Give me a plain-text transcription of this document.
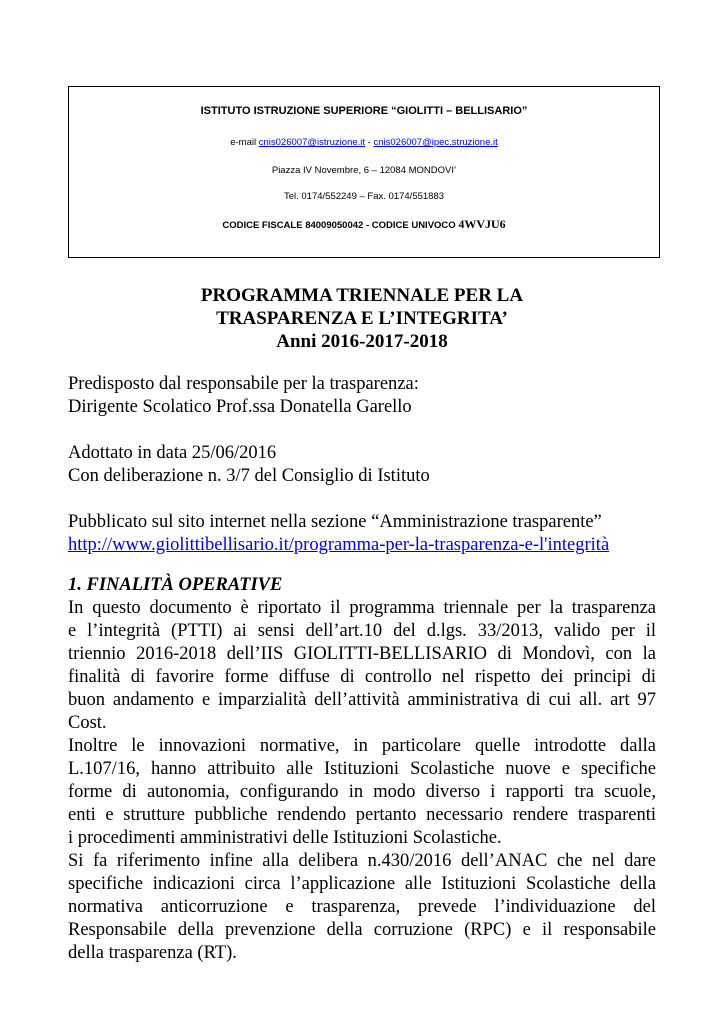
ISTITUTO ISTRUZIONE SUPERIORE “GIOLITTI – BELLISARIO”

e-mail cnis026007@istruzione.it - cnis026007@ipec.struzione.it

Piazza IV Novembre, 6 – 12084 MONDOVI’

Tel. 0174/552249 – Fax. 0174/551883

CODICE FISCALE 84009050042 - CODICE UNIVOCO 4WVJU6

PROGRAMMA TRIENNALE PER LA

TRASPARENZA E L’INTEGRITA’

Anni 2016-2017-2018

Predisposto dal responsabile per la trasparenza:

Dirigente Scolatico Prof.ssa Donatella Garello

Adottato in data 25/06/2016

Con deliberazione n. 3/7 del Consiglio di Istituto

Pubblicato sul sito internet nella sezione “Amministrazione trasparente”

http://www.giolittibellisario.it/programma-per-la-trasparenza-e-l'integrità

1. FINALITÀ OPERATIVE

In questo documento è riportato il programma triennale per la trasparenza

e l’integrità (PTTI) ai sensi dell’art.10 del d.lgs. 33/2013, valido per il

triennio 2016-2018 dell’IIS GIOLITTI-BELLISARIO di Mondovì, con la

finalità di favorire forme diffuse di controllo nel rispetto dei principi di

buon andamento e imparzialità dell’attività amministrativa di cui all. art 97

Cost.

Inoltre le innovazioni normative, in particolare quelle introdotte dalla

L.107/16, hanno attribuito alle Istituzioni Scolastiche nuove e specifiche

forme di autonomia, configurando in modo diverso i rapporti tra scuole,

enti e strutture pubbliche rendendo pertanto necessario rendere trasparenti

i procedimenti amministrativi delle Istituzioni Scolastiche.

Si fa riferimento infine alla delibera n.430/2016 dell’ANAC che nel dare

specifiche indicazioni circa l’applicazione alle Istituzioni Scolastiche della

normativa anticorruzione e trasparenza, prevede l’individuazione del

Responsabile della prevenzione della corruzione (RPC) e il responsabile

della trasparenza (RT).
